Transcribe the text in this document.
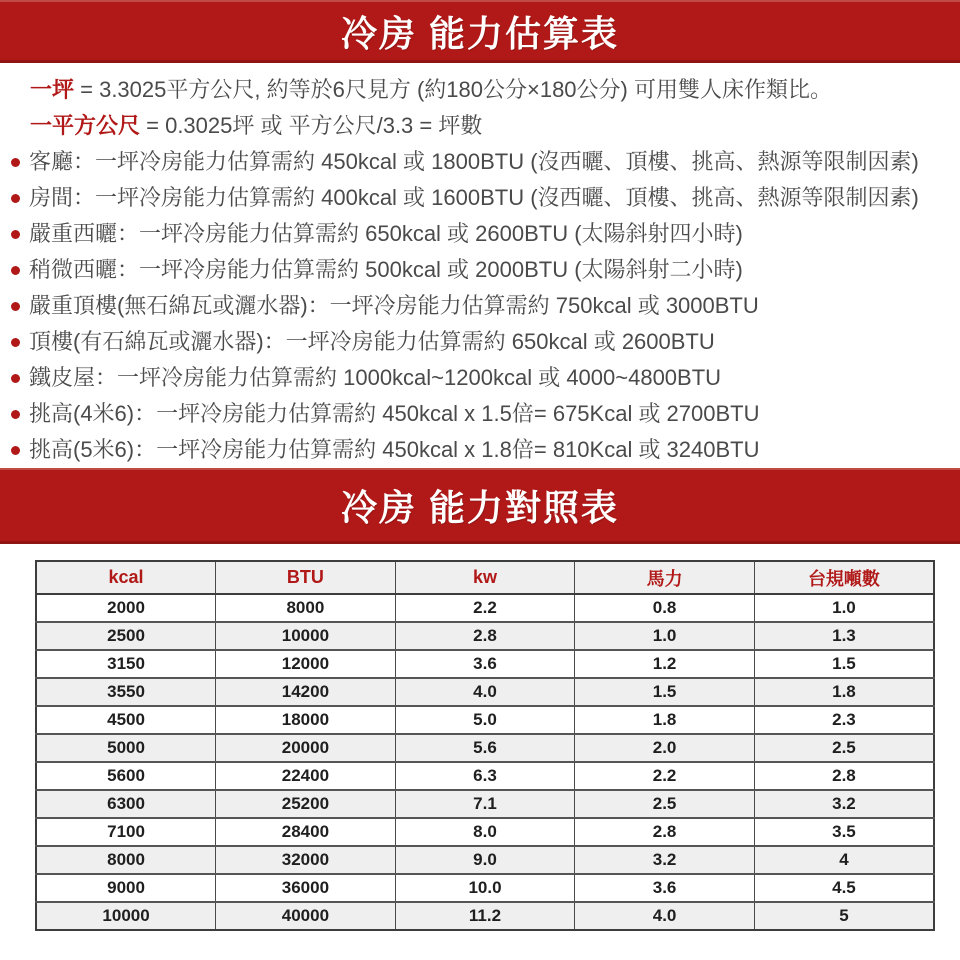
冷房 能力估算表

一坪 = 3.3025平方公尺, 約等於6尺見方 (約180公分×180公分) 可用雙人床作類比。

一平方公尺 = 0.3025坪 或 平方公尺/3.3 = 坪數

客廳：一坪冷房能力估算需約 450kcal 或 1800BTU (沒西曬、頂樓、挑高、熱源等限制因素)
房間：一坪冷房能力估算需約 400kcal 或 1600BTU (沒西曬、頂樓、挑高、熱源等限制因素)
嚴重西曬：一坪冷房能力估算需約 650kcal 或 2600BTU (太陽斜射四小時)
稍微西曬：一坪冷房能力估算需約 500kcal 或 2000BTU (太陽斜射二小時)
嚴重頂樓(無石綿瓦或灑水器)：一坪冷房能力估算需約 750kcal 或 3000BTU
頂樓(有石綿瓦或灑水器)：一坪冷房能力估算需約 650kcal 或 2600BTU
鐵皮屋：一坪冷房能力估算需約 1000kcal~1200kcal 或 4000~4800BTU
挑高(4米6)：一坪冷房能力估算需約 450kcal x 1.5倍= 675Kcal 或 2700BTU
挑高(5米6)：一坪冷房能力估算需約 450kcal x 1.8倍= 810Kcal 或 3240BTU
冷房 能力對照表
kcal	BTU	kw	馬力	台規噸數
2000	8000	2.2	0.8	1.0
2500	10000	2.8	1.0	1.3
3150	12000	3.6	1.2	1.5
3550	14200	4.0	1.5	1.8
4500	18000	5.0	1.8	2.3
5000	20000	5.6	2.0	2.5
5600	22400	6.3	2.2	2.8
6300	25200	7.1	2.5	3.2
7100	28400	8.0	2.8	3.5
8000	32000	9.0	3.2	4
9000	36000	10.0	3.6	4.5
10000	40000	11.2	4.0	5
